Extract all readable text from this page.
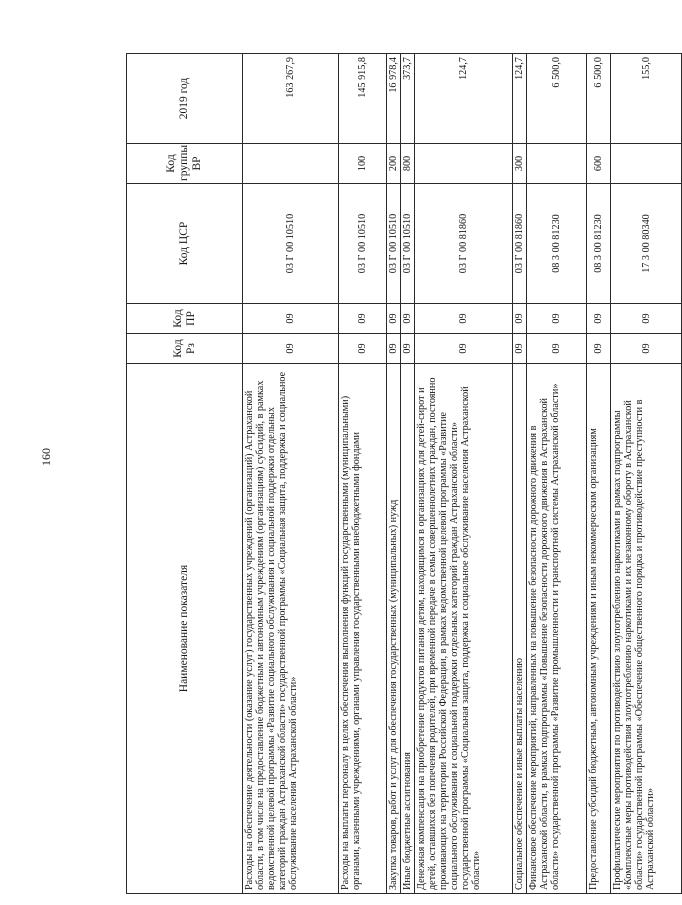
160
Наименование показателя	Код Рз	Код ПР	Код ЦСР	Код группы ВР	2019 год
Расходы на обеспечение деятельности (оказание услуг) государственных учреждений (организаций) Астраханской области, в том числе на предоставление бюджетным и автономным учреждениям (организациям) субсидий, в рамках ведомственной целевой программы «Развитие социального обслуживания и социальной поддержки отдельных категорий граждан Астраханской области» государственной программы «Социальная защита, поддержка и социальное обслуживание населения Астраханской области»	09	09	03 Г 00 10510		163 267,9
Расходы на выплаты персоналу в целях обеспечения выполнения функций государственными (муниципальными) органами, казенными учреждениями, органами управления государственными внебюджетными фондами	09	09	03 Г 00 10510	100	145 915,8
Закупка товаров, работ и услуг для обеспечения государственных (муниципальных) нужд	09	09	03 Г 00 10510	200	16 978,4
Иные бюджетные ассигнования	09	09	03 Г 00 10510	800	373,7
Денежная компенсация на приобретение продуктов питания детям, находящимся в организациях для детей-сирот и детей, оставшихся без попечения родителей, при временной передаче в семьи совершеннолетних граждан, постоянно проживающих на территории Российской Федерации, в рамках ведомственной целевой программы «Развитие социального обслуживания и социальной поддержки отдельных категорий граждан Астраханской области» государственной программы «Социальная защита, поддержка и социальное обслуживание населения Астраханской области»	09	09	03 Г 00 81860		124,7
Социальное обеспечение и иные выплаты населению	09	09	03 Г 00 81860	300	124,7
Финансовое обеспечение мероприятий, направленных на повышение безопасности дорожного движения в Астраханской области, в рамках подпрограммы «Повышение безопасности дорожного движения в Астраханской области» государственной программы «Развитие промышленности и транспортной системы Астраханской области»	09	09	08 3 00 81230		6 500,0
Предоставление субсидий бюджетным, автономным учреждениям и иным некоммерческим организациям	09	09	08 3 00 81230	600	6 500,0
Профилактические мероприятия по противодействию злоупотреблению наркотиками в рамках подпрограммы «Комплексные меры противодействия злоупотреблению наркотиками и их незаконному обороту в Астраханской области» государственной программы «Обеспечение общественного порядка и противодействие преступности в Астраханской области»	09	09	17 3 00 80340		155,0
